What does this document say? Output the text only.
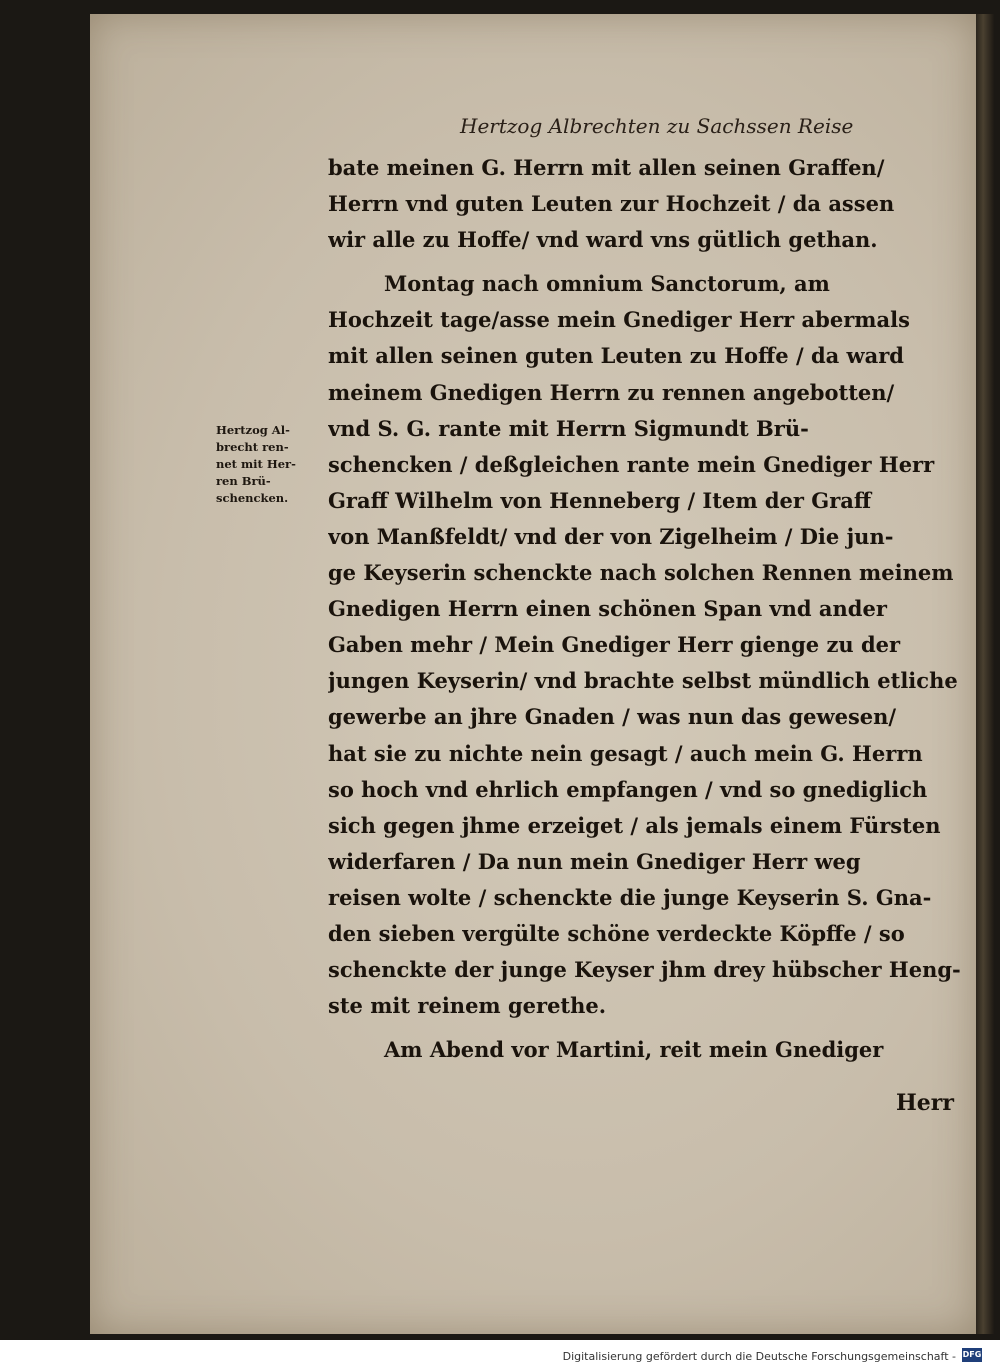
Hertzog Albrechten zu Sachssen Reise
Hertzog Al-
brecht ren-
net mit Her-
ren Brü-
schencken.
bate meinen G. Herrn mit allen seinen Graffen/
Herrn vnd guten Leuten zur Hochzeit / da assen
wir alle zu Hoffe/ vnd ward vns gütlich gethan.
Montag nach omnium Sanctorum, am
Hochzeit tage/asse mein Gnediger Herr abermals
mit allen seinen guten Leuten zu Hoffe / da ward
meinem Gnedigen Herrn zu rennen angebotten/
vnd S. G. rante mit Herrn Sigmundt Brü-
schencken / deßgleichen rante mein Gnediger Herr
Graff Wilhelm von Henneberg / Item der Graff
von Manßfeldt/ vnd der von Zigelheim / Die jun-
ge Keyserin schenckte nach solchen Rennen meinem
Gnedigen Herrn einen schönen Span vnd ander
Gaben mehr / Mein Gnediger Herr gienge zu der
jungen Keyserin/ vnd brachte selbst mündlich etliche
gewerbe an jhre Gnaden / was nun das gewesen/
hat sie zu nichte nein gesagt / auch mein G. Herrn
so hoch vnd ehrlich empfangen / vnd so gnediglich
sich gegen jhme erzeiget / als jemals einem Fürsten
widerfaren / Da nun mein Gnediger Herr weg
reisen wolte / schenckte die junge Keyserin S. Gna-
den sieben vergülte schöne verdeckte Köpffe / so
schenckte der junge Keyser jhm drey hübscher Heng-
ste mit reinem gerethe.
Am Abend vor Martini, reit mein Gnediger
Herr
Digitalisierung gefördert durch die Deutsche Forschungsgemeinschaft - DFG
